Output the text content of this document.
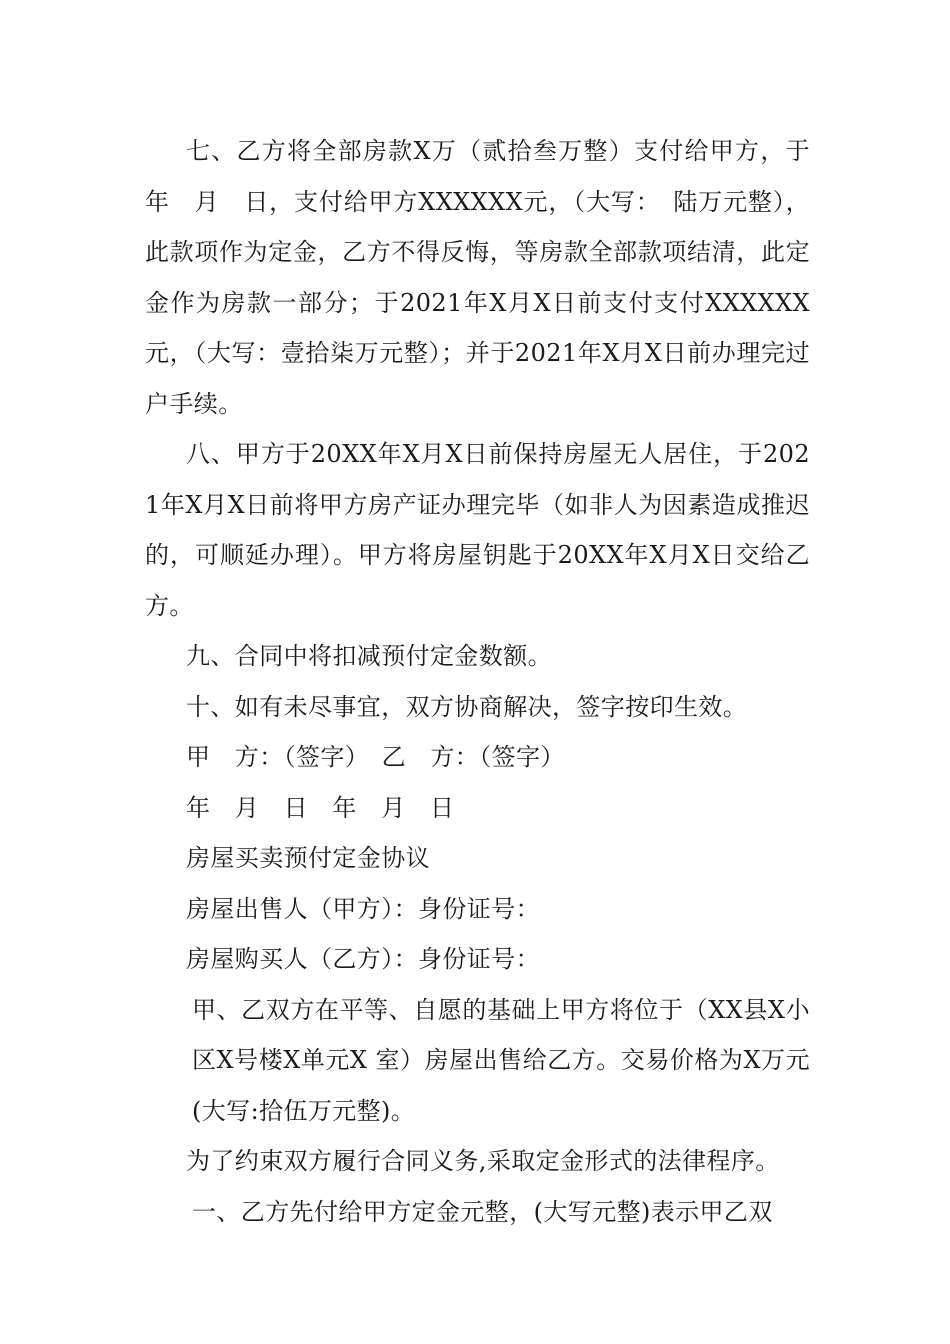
七、乙方将全部房款X万（贰拾叁万整）支付给甲方，于　年　月　日，支付给甲方XXXXXX元，（大写：　陆万元整），此款项作为定金，乙方不得反悔，等房款全部款项结清，此定金作为房款一部分；于2021年X月X日前支付支付XXXXXX元，（大写：壹拾柒万元整）；并于2021年X月X日前办理完过户手续。

八、甲方于20XX年X月X日前保持房屋无人居住，于2021年X月X日前将甲方房产证办理完毕（如非人为因素造成推迟的，可顺延办理）。甲方将房屋钥匙于20XX年X月X日交给乙方。

九、合同中将扣减预付定金数额。

十、如有未尽事宜，双方协商解决，签字按印生效。

甲　方：（签字）　乙　方：（签字）

年　月　日　年　月　日

房屋买卖预付定金协议

房屋出售人（甲方）：身份证号：

房屋购买人（乙方）：身份证号：

甲、乙双方在平等、自愿的基础上甲方将位于（XX县X小区X号楼X单元X 室）房屋出售给乙方。交易价格为X万元 (大写:拾伍万元整)。

为了约束双方履行合同义务,采取定金形式的法律程序。

一、乙方先付给甲方定金元整，(大写元整)表示甲乙双
